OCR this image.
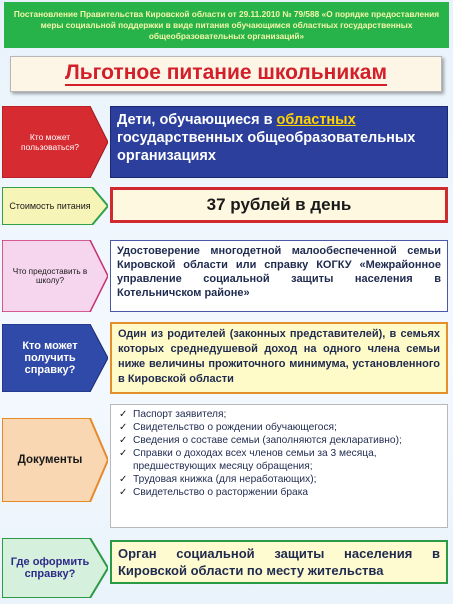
Постановление Правительства Кировской области от 29.11.2010 № 79/588 «О порядке предоставления меры социальной поддержки в виде питания обучающимся областных государственных общеобразовательных организаций»
Льготное питание школьникам
Кто может пользоваться?
Дети, обучающиеся в областных государственных общеобразовательных организациях
Стоимость питания	37 рублей в день
Что предоставить в школу?
Удостоверение многодетной малообеспеченной семьи Кировской области или справку КОГКУ «Межрайонное управление социальной защиты населения в Котельничском районе»
Кто может получить справку?
Один из родителей (законных представителей), в семьях которых среднедушевой доход на одного члена семьи ниже величины прожиточного минимума, установленного в Кировской области
Документы
✓ Паспорт заявителя;
✓ Свидетельство о рождении обучающегося;
✓ Сведения о составе семьи (заполняются декларативно);
✓ Справки о доходах всех членов семьи за 3 месяца, предшествующих месяцу обращения;
✓ Трудовая книжка (для неработающих);
✓ Свидетельство о расторжении брака
Где оформить справку?
Орган социальной защиты населения в Кировской области по месту жительства
